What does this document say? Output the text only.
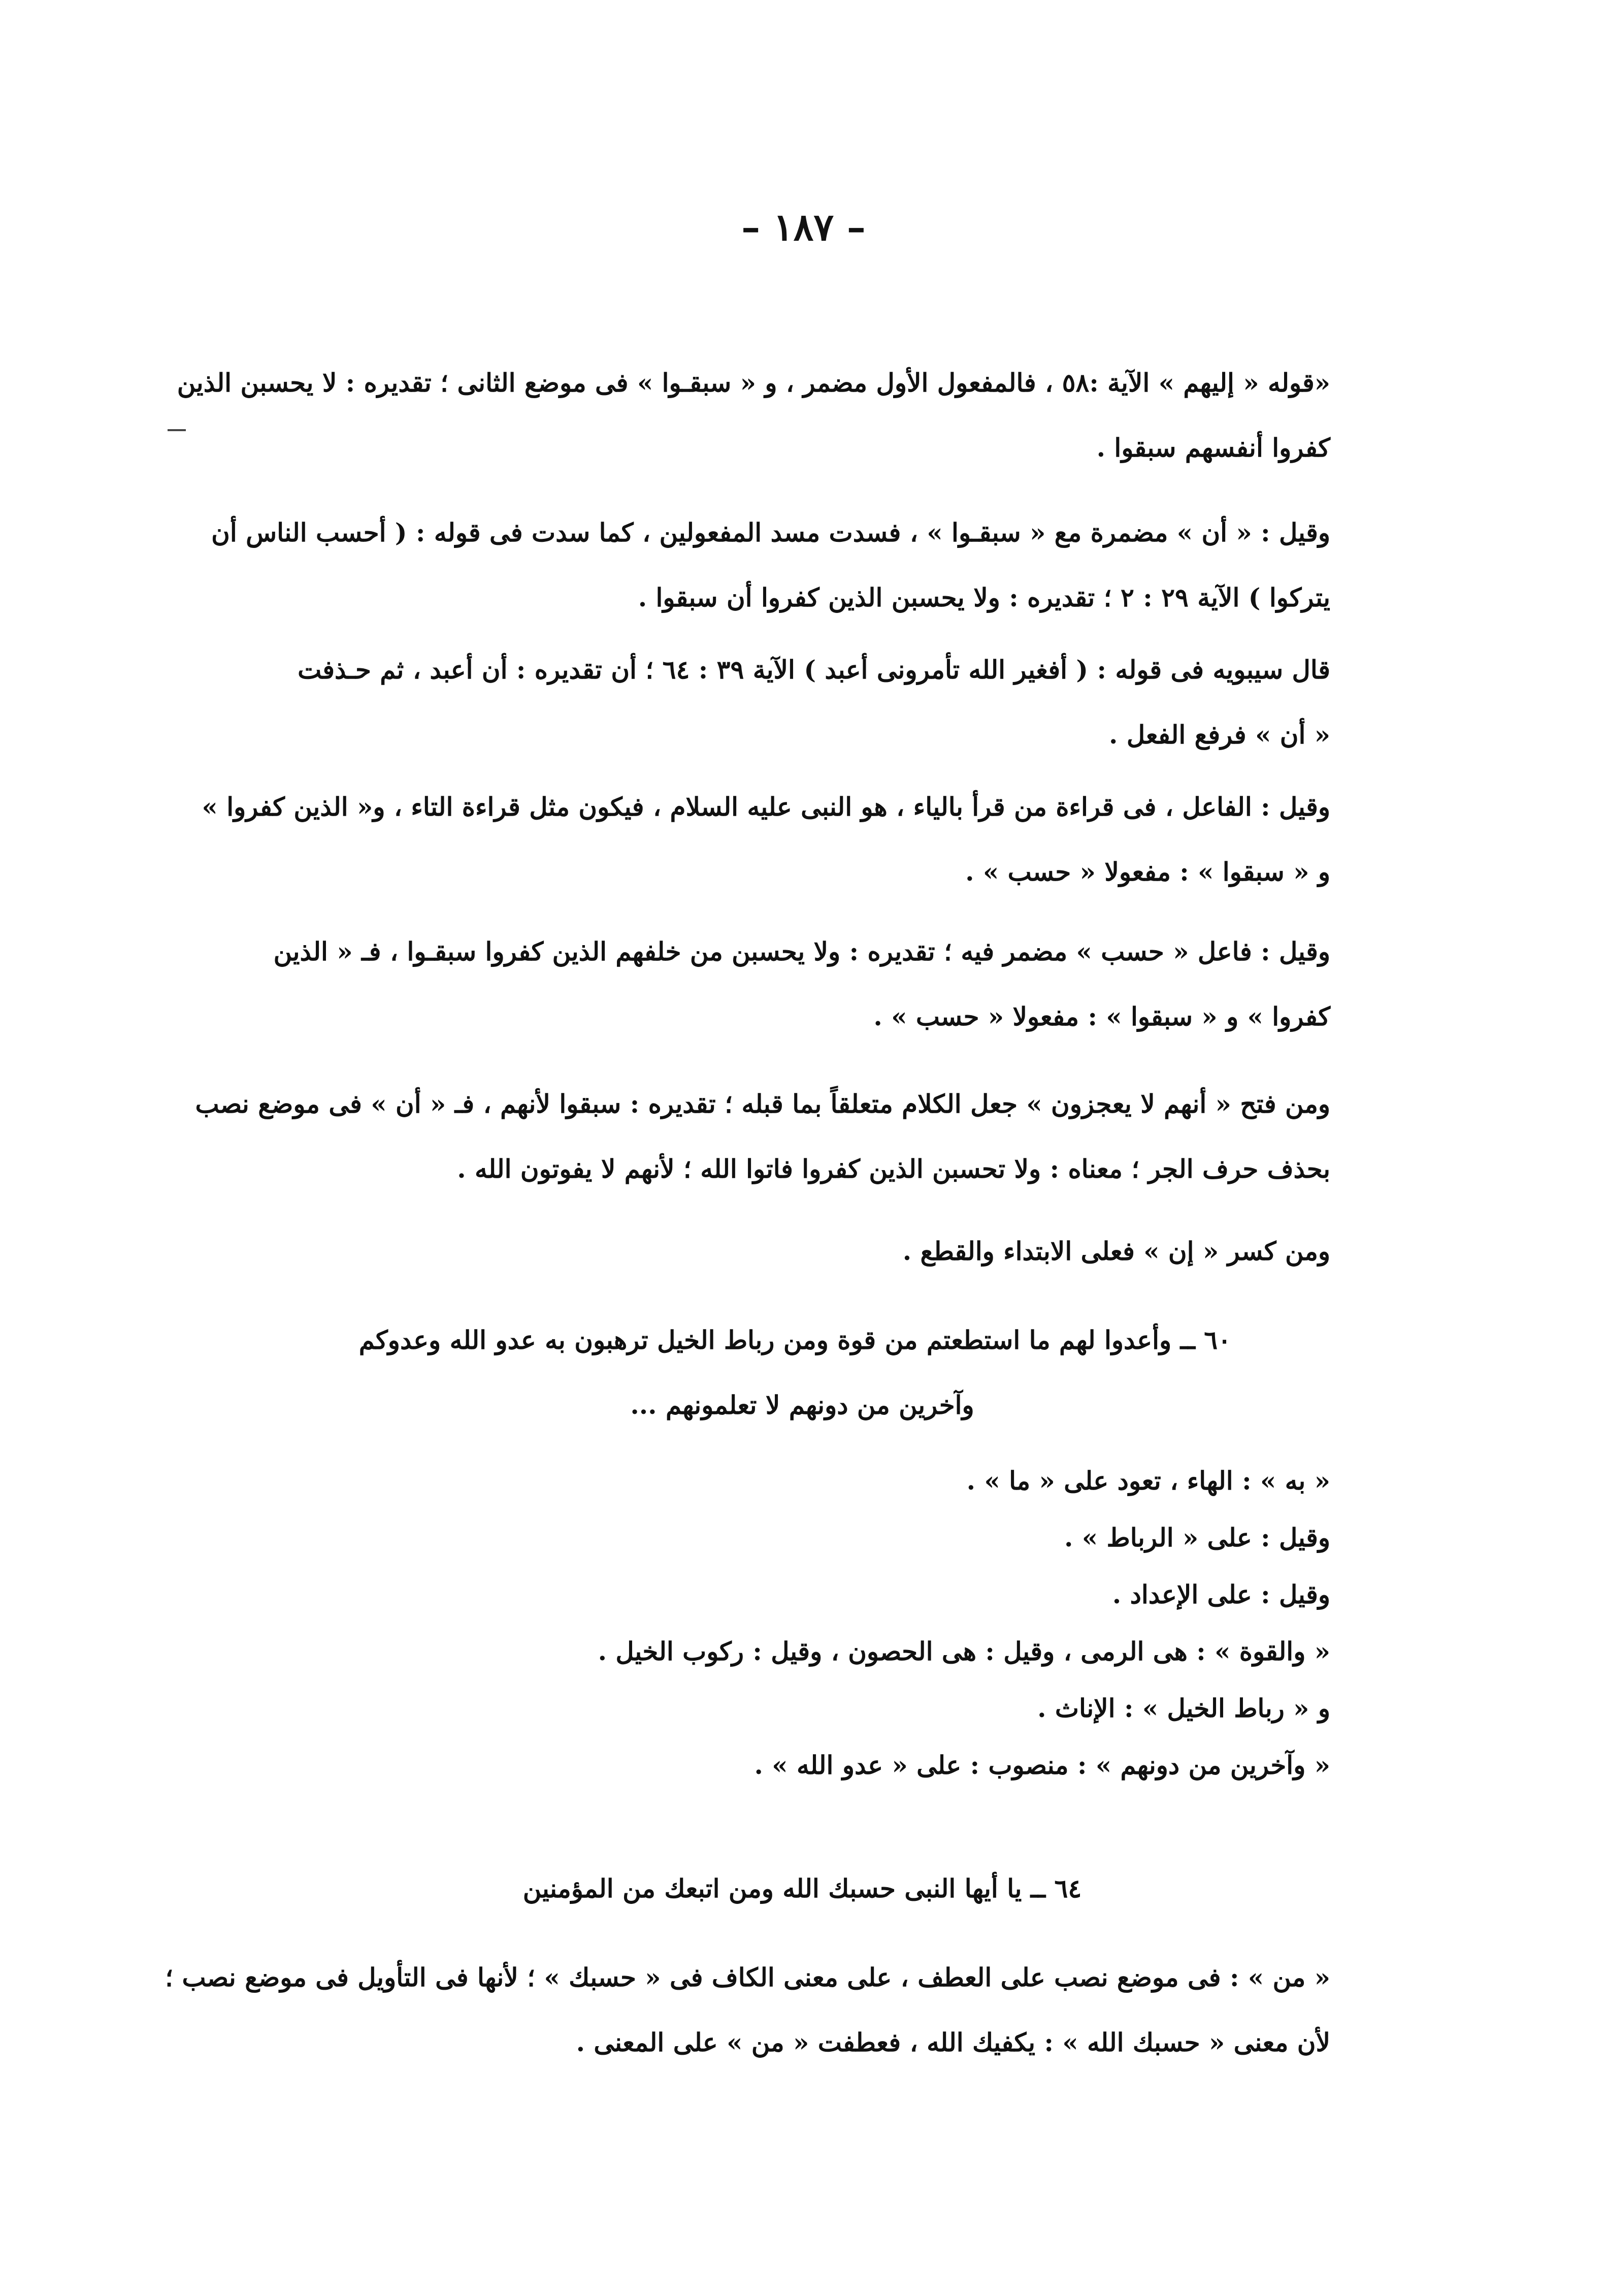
– ١٨٧ –
«قوله « إليهم » الآية :٥٨ ، فالمفعول الأول مضمر ، و « سبقـوا » فى موضع الثانى ؛ تقديره : لا يحسبن الذين
كفروا أنفسهم سبقوا .
وقيل : « أن » مضمرة مع « سبقـوا » ، فسدت مسد المفعولين ، كما سدت فى قوله : ( أحسب الناس أن
يتركوا ) الآية ٢٩ : ٢ ؛ تقديره : ولا يحسبن الذين كفروا أن سبقوا .
قال سيبويه فى قوله : ( أفغير الله تأمرونى أعبد ) الآية ٣٩ : ٦٤ ؛ أن تقديره : أن أعبد ، ثم حـذفت
« أن » فرفع الفعل .
وقيل : الفاعل ، فى قراءة من قرأ بالياء ، هو النبى عليه السلام ، فيكون مثل قراءة التاء ، و« الذين كفروا »
و « سبقوا » : مفعولا « حسب » .
وقيل : فاعل « حسب » مضمر فيه ؛ تقديره : ولا يحسبن من خلفهم الذين كفروا سبقـوا ، فـ « الذين
كفروا » و « سبقوا » : مفعولا « حسب » .
ومن فتح « أنهم لا يعجزون » جعل الكلام متعلقاً بما قبله ؛ تقديره : سبقوا لأنهم ، فـ « أن » فى موضع نصب
بحذف حرف الجر ؛ معناه : ولا تحسبن الذين كفروا فاتوا الله ؛ لأنهم لا يفوتون الله .
ومن كسر « إن » فعلى الابتداء والقطع .
٦٠ ــ وأعدوا لهم ما استطعتم من قوة ومن رباط الخيل ترهبون به عدو الله وعدوكم
وآخرين من دونهم لا تعلمونهم ...
« به » : الهاء ، تعود على « ما » .
وقيل : على « الرباط » .
وقيل : على الإعداد .
« والقوة » : هى الرمى ، وقيل : هى الحصون ، وقيل : ركوب الخيل .
و « رباط الخيل » : الإناث .
« وآخرين من دونهم » : منصوب : على « عدو الله » .
٦٤ ــ يا أيها النبى حسبك الله ومن اتبعك من المؤمنين
« من » : فى موضع نصب على العطف ، على معنى الكاف فى « حسبك » ؛ لأنها فى التأويل فى موضع نصب ؛
لأن معنى « حسبك الله » : يكفيك الله ، فعطفت « من » على المعنى .
